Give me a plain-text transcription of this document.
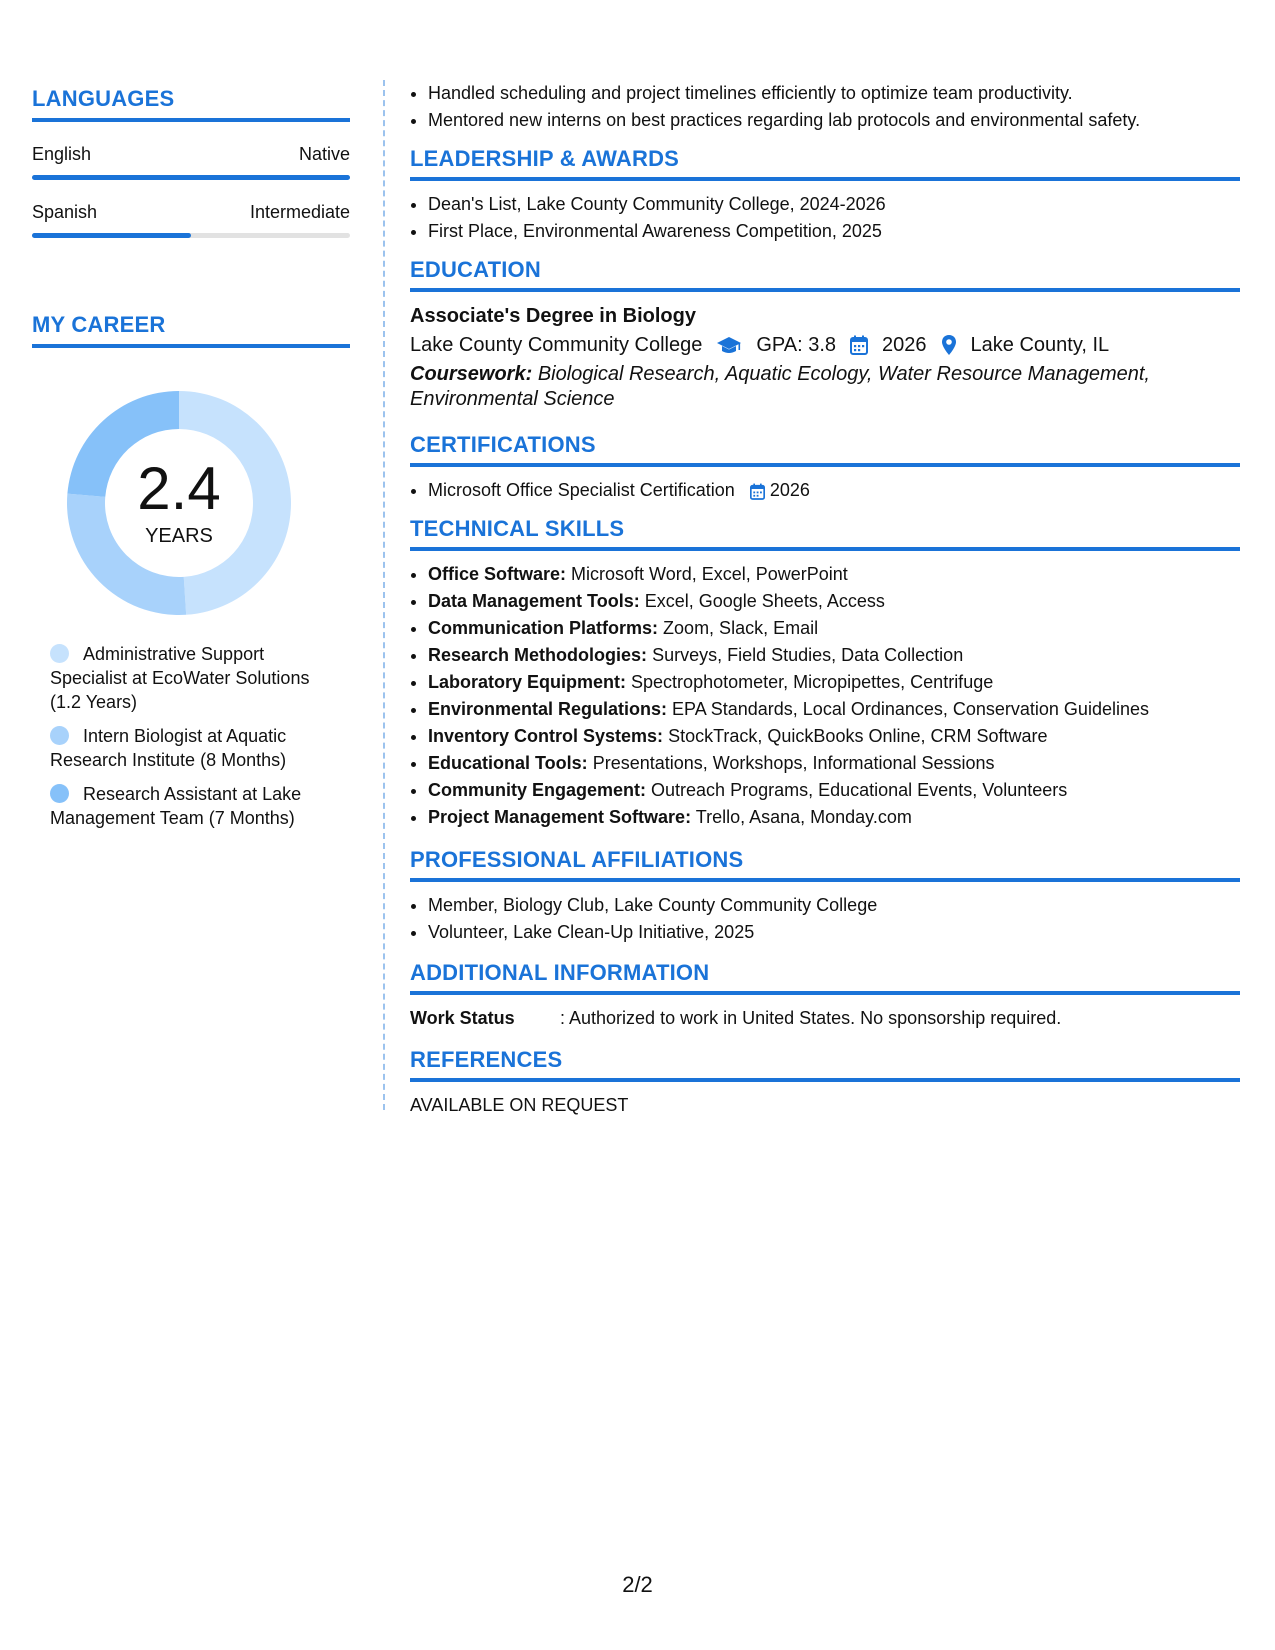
LANGUAGES
English	Native
Spanish	Intermediate
MY CAREER
2.4
YEARS
Administrative Support Specialist at EcoWater Solutions (1.2 Years)
Intern Biologist at Aquatic Research Institute (8 Months)
Research Assistant at Lake Management Team (7 Months)
• Handled scheduling and project timelines efficiently to optimize team productivity.
• Mentored new interns on best practices regarding lab protocols and environmental safety.
LEADERSHIP & AWARDS
• Dean's List, Lake County Community College, 2024-2026
• First Place, Environmental Awareness Competition, 2025
EDUCATION
Associate's Degree in Biology
Lake County Community College	GPA: 3.8 2026 Lake County, IL
Coursework: Biological Research, Aquatic Ecology, Water Resource Management, Environmental Science
CERTIFICATIONS
• Microsoft Office Specialist Certification 2026
TECHNICAL SKILLS
• Office Software: Microsoft Word, Excel, PowerPoint
• Data Management Tools: Excel, Google Sheets, Access
• Communication Platforms: Zoom, Slack, Email
• Research Methodologies: Surveys, Field Studies, Data Collection
• Laboratory Equipment: Spectrophotometer, Micropipettes, Centrifuge
• Environmental Regulations: EPA Standards, Local Ordinances, Conservation Guidelines
• Inventory Control Systems: StockTrack, QuickBooks Online, CRM Software
• Educational Tools: Presentations, Workshops, Informational Sessions
• Community Engagement: Outreach Programs, Educational Events, Volunteers
• Project Management Software: Trello, Asana, Monday.com
PROFESSIONAL AFFILIATIONS
• Member, Biology Club, Lake County Community College
• Volunteer, Lake Clean-Up Initiative, 2025
ADDITIONAL INFORMATION
Work Status	: Authorized to work in United States. No sponsorship required.
REFERENCES
AVAILABLE ON REQUEST
2/2
